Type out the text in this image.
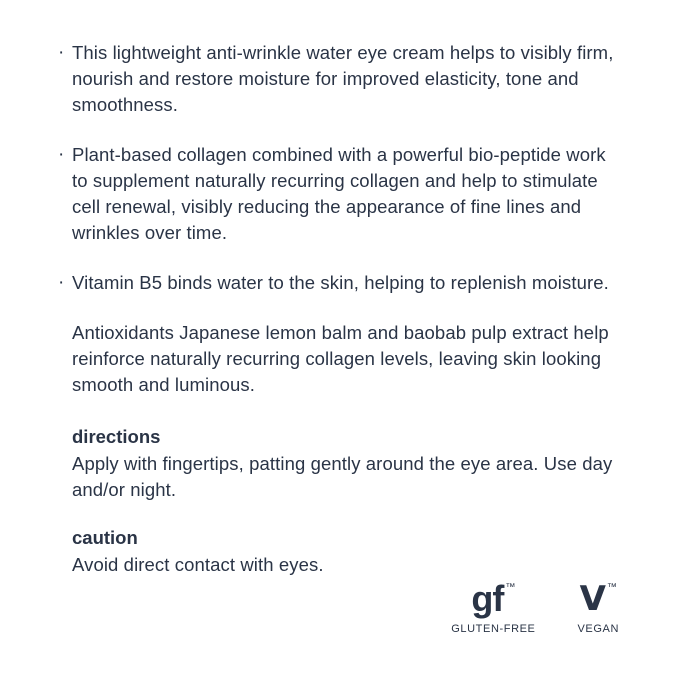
· This lightweight anti-wrinkle water eye cream helps to visibly firm, nourish and restore moisture for improved elasticity, tone and smoothness.
· Plant-based collagen combined with a powerful bio-peptide work to supplement naturally recurring collagen and help to stimulate cell renewal, visibly reducing the appearance of fine lines and wrinkles over time.
· Vitamin B5 binds water to the skin, helping to replenish moisture.
Antioxidants Japanese lemon balm and baobab pulp extract help reinforce naturally recurring collagen levels, leaving skin looking smooth and luminous.
directions
Apply with fingertips, patting gently around the eye area. Use day and/or night.
caution
Avoid direct contact with eyes.
gf ™
GLUTEN-FREE
V ™
VEGAN
